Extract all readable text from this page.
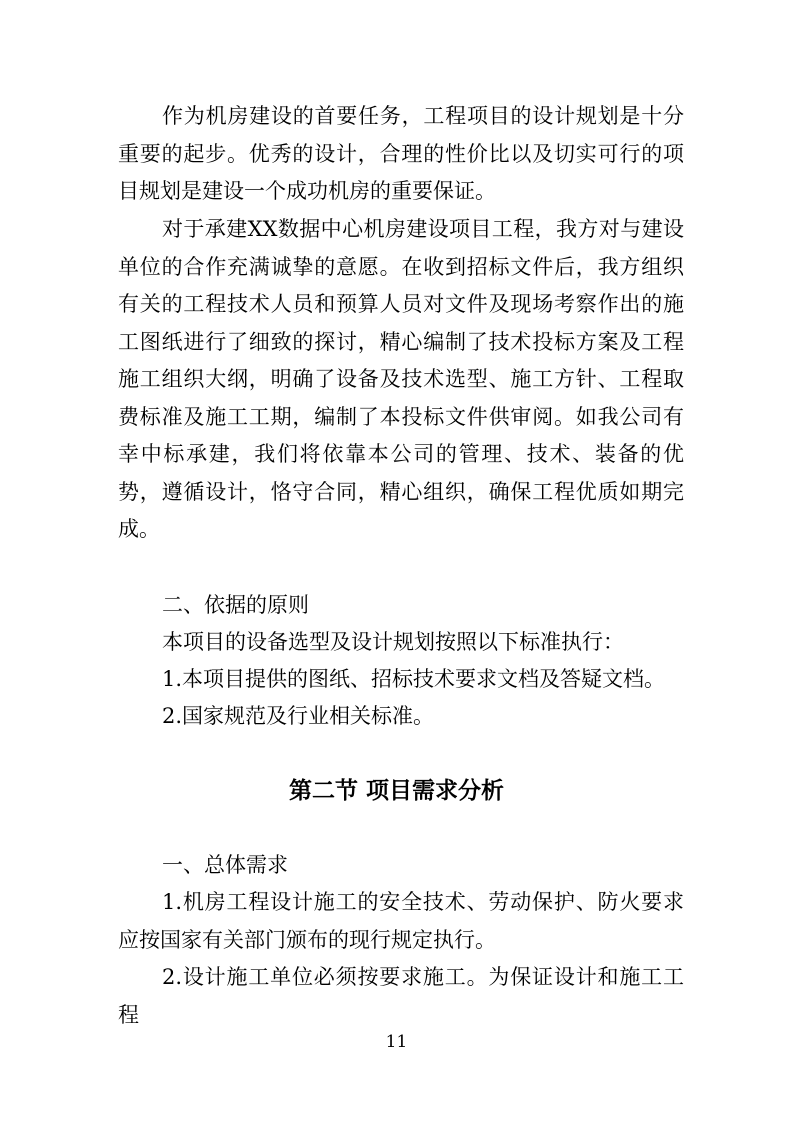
作为机房建设的首要任务，工程项目的设计规划是十分重要的起步。优秀的设计，合理的性价比以及切实可行的项目规划是建设一个成功机房的重要保证。

对于承建XX数据中心机房建设项目工程，我方对与建设单位的合作充满诚挚的意愿。在收到招标文件后，我方组织有关的工程技术人员和预算人员对文件及现场考察作出的施工图纸进行了细致的探讨，精心编制了技术投标方案及工程施工组织大纲，明确了设备及技术选型、施工方针、工程取费标准及施工工期，编制了本投标文件供审阅。如我公司有幸中标承建，我们将依靠本公司的管理、技术、装备的优势，遵循设计，恪守合同，精心组织，确保工程优质如期完成。

二、依据的原则

本项目的设备选型及设计规划按照以下标准执行：

1.本项目提供的图纸、招标技术要求文档及答疑文档。

2.国家规范及行业相关标准。

第二节 项目需求分析

一、总体需求

1.机房工程设计施工的安全技术、劳动保护、防火要求应按国家有关部门颁布的现行规定执行。

2.设计施工单位必须按要求施工。为保证设计和施工工程

11
